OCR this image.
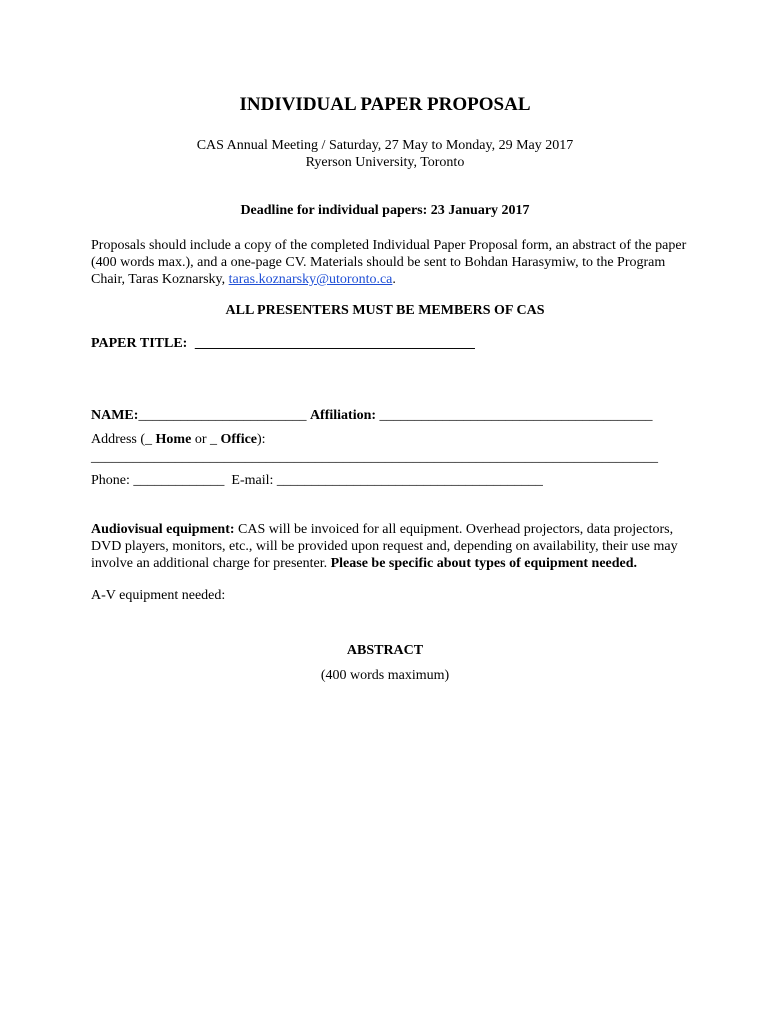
INDIVIDUAL PAPER PROPOSAL
CAS Annual Meeting / Saturday, 27 May to Monday, 29 May 2017
Ryerson University, Toronto
Deadline for individual papers: 23 January 2017
Proposals should include a copy of the completed Individual Paper Proposal form, an abstract of the paper
(400 words max.), and a one-page CV. Materials should be sent to Bohdan Harasymiw, to the Program
Chair, Taras Koznarsky, taras.koznarsky@utoronto.ca.
ALL PRESENTERS MUST BE MEMBERS OF CAS
PAPER TITLE: ________________________________________
NAME:________________________ Affiliation: _______________________________________
Address (_ Home or _ Office):
_________________________________________________________________________________
Phone: _____________  E-mail: ______________________________________
Audiovisual equipment: CAS will be invoiced for all equipment. Overhead projectors, data projectors,
DVD players, monitors, etc., will be provided upon request and, depending on availability, their use may
involve an additional charge for presenter. Please be specific about types of equipment needed.
A-V equipment needed:
ABSTRACT
(400 words maximum)
